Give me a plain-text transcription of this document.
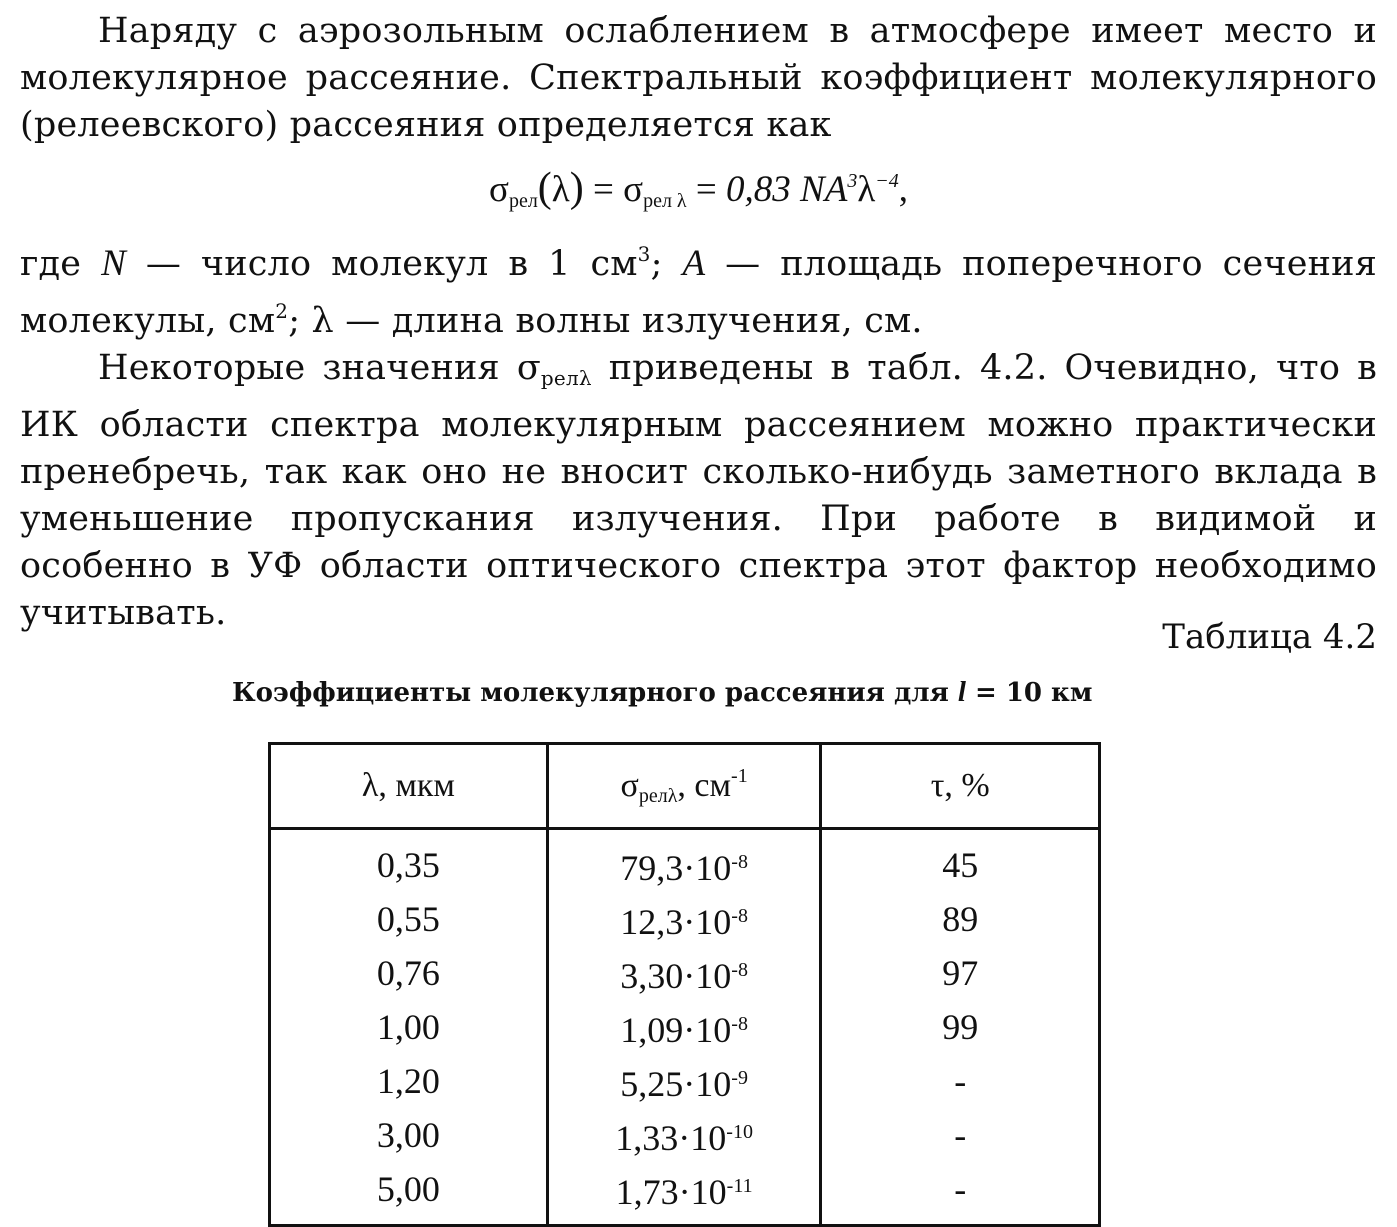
Наряду с аэрозольным ослаблением в атмосфере имеет место и молекулярное рассеяние. Спектральный коэффициент молекулярного (релеевского) рассеяния определяется как

$\sigma_{рел}(\lambda) = \sigma_{рел \lambda} = 0,83$ $NA^3\lambda^{-4}$,

где N — число молекул в 1 $см^3$; A — площадь поперечного сечения молекулы, $см^2$; λ — длина волны излучения, см.

Некоторые значения $\sigma_{рел\lambda}$ приведены в табл. 4.2. Очевидно, что в ИК области спектра молекулярным рассеянием можно практически пренебречь, так как оно не вносит сколько-нибудь заметного вклада в уменьшение пропускания излучения. При работе в видимой и особенно в УФ области оптического спектра этот фактор необходимо учитывать.

Таблица 4.2
Коэффициенты молекулярного рассеяния для l = 10 км
λ, мкм	$\sigma_{рел\lambda}$, $см^{-1}$	τ, %
0,35	$79,3\cdot 10^{-8}$	45
0,55	$12,3\cdot 10^{-8}$	89
0,76	$3,30\cdot 10^{-8}$	97
1,00	$1,09\cdot 10^{-8}$	99
1,20	$5,25\cdot 10^{-9}$	-
3,00	$1,33\cdot 10^{-10}$	-
5,00	$1,73\cdot 10^{-11}$	-
